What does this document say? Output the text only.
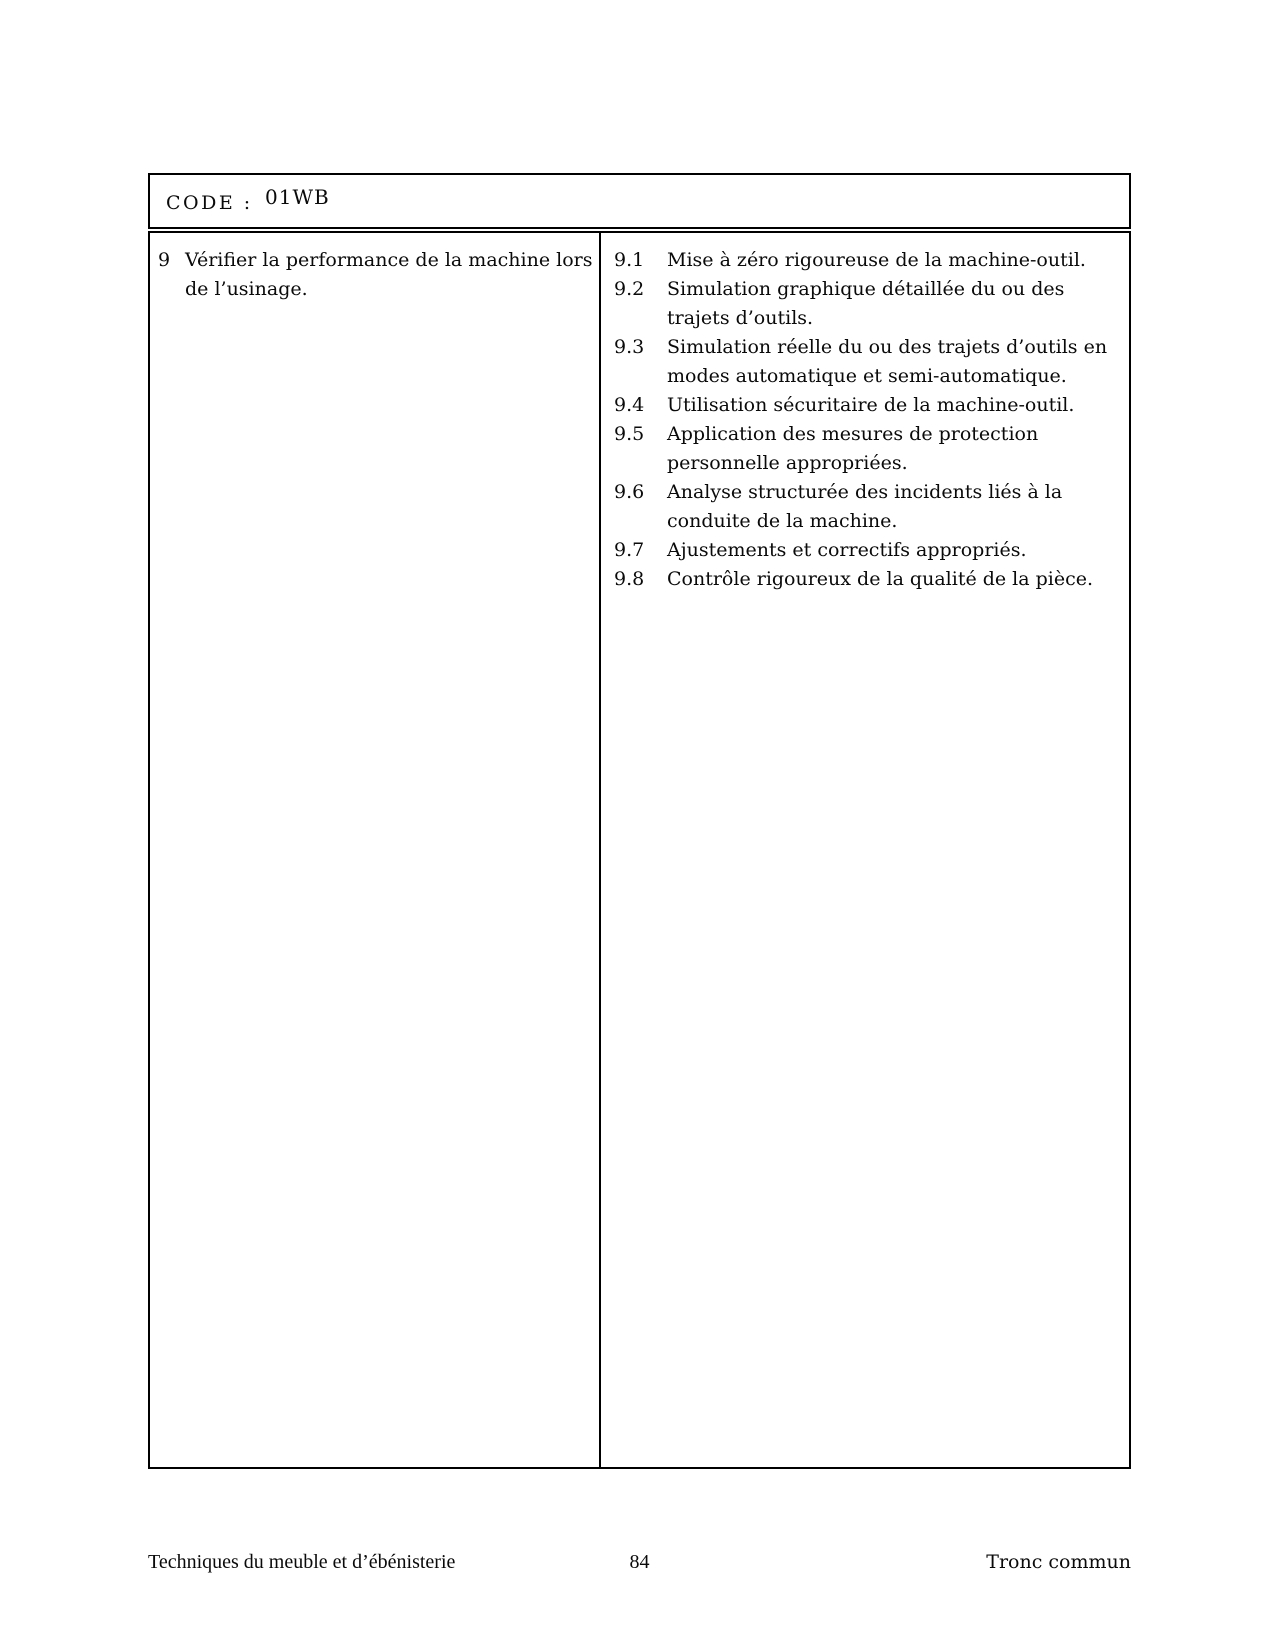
CODE : 01WB
9 Vérifier la performance de la machine lors de l’usinage.
9.1	Mise à zéro rigoureuse de la machine-outil.
9.2	Simulation graphique détaillée du ou des trajets d’outils.
9.3	Simulation réelle du ou des trajets d’outils en modes automatique et semi-automatique.
9.4	Utilisation sécuritaire de la machine-outil.
9.5	Application des mesures de protection personnelle appropriées.
9.6	Analyse structurée des incidents liés à la conduite de la machine.
9.7	Ajustements et correctifs appropriés.
9.8	Contrôle rigoureux de la qualité de la pièce.
Techniques du meuble et d’ébénisterie	84	Tronc commun
